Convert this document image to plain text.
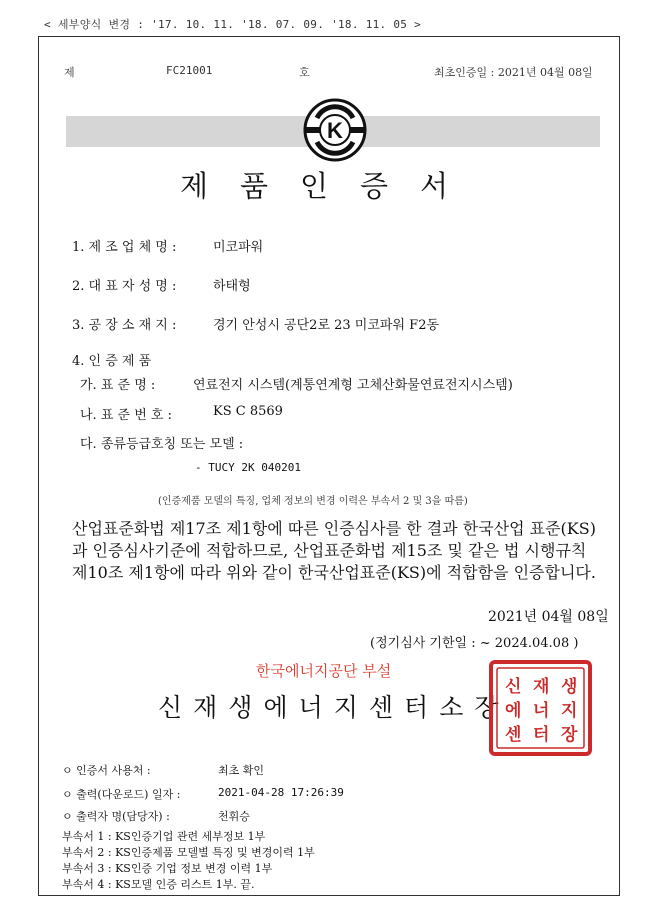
< 세부양식 변경 : '17. 10. 11. '18. 07. 09. '18. 11. 05 >
제	FC21001	호	최초인증일 : 2021년 04월 08일
K
제품인증서
1. 제 조 업 체 명 :	미코파워
2. 대 표 자 성 명 :	하태형
3. 공 장 소 재 지 :	경기 안성시 공단2로 23 미코파워 F2동
4. 인 증 제 품
가. 표 준 명 :	연료전지 시스템(계통연계형 고체산화물연료전지시스템)
나. 표 준 번 호 :	KS C 8569
다. 종류등급호칭 또는 모델 :
- TUCY 2K 040201
(인증제품 모델의 특징, 업체 정보의 변경 이력은 부속서 2 및 3을 따름)
산업표준화법 제17조 제1항에 따른 인증심사를 한 결과 한국산업 표준(KS)과 인증심사기준에 적합하므로, 산업표준화법 제15조 및 같은 법 시행규칙 제10조 제1항에 따라 위와 같이 한국산업표준(KS)에 적합함을 인증합니다.
2021년 04월 08일
(정기심사 기한일 : ~ 2024.04.08 )
한국에너지공단 부설
신재생에너지센터소장
신 재 생
에 너 지
센 터 장
ㅇ 인증서 사용처 :	최초 확인
ㅇ 출력(다운로드) 일자 :	2021-04-28 17:26:39
ㅇ 출력자 명(담당자) :	천휘승
부속서 1 : KS인증기업 관련 세부정보 1부
부속서 2 : KS인증제품 모델별 특징 및 변경이력 1부
부속서 3 : KS인증 기업 정보 변경 이력 1부
부속서 4 : KS모델 인증 리스트 1부. 끝.
